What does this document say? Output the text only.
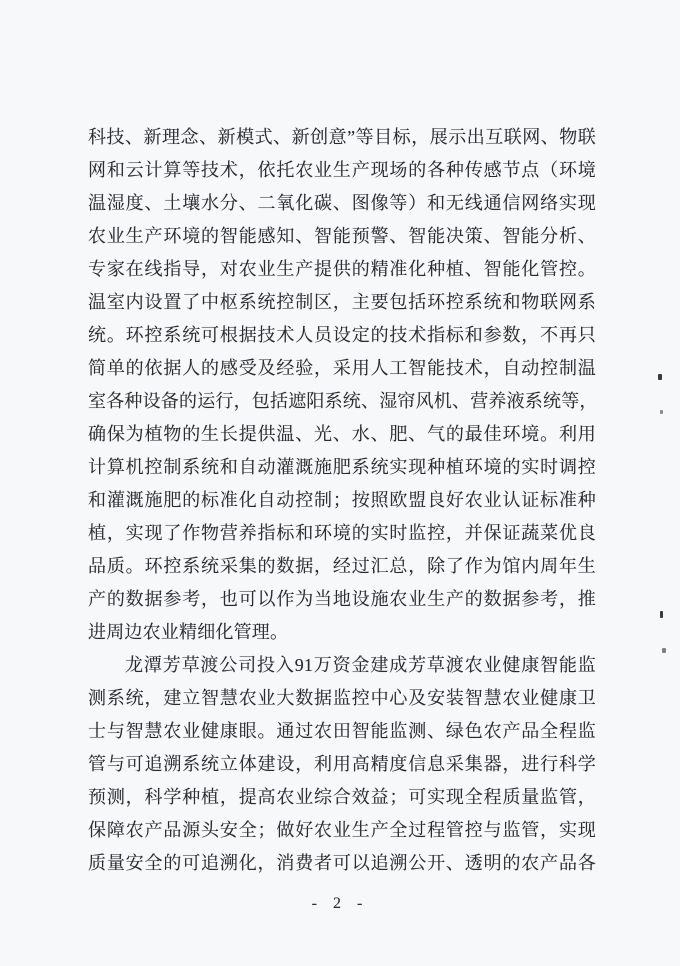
科技、新理念、新模式、新创意”等目标，展示出互联网、物联
网和云计算等技术，依托农业生产现场的各种传感节点（环境
温湿度、土壤水分、二氧化碳、图像等）和无线通信网络实现
农业生产环境的智能感知、智能预警、智能决策、智能分析、
专家在线指导，对农业生产提供的精准化种植、智能化管控。
温室内设置了中枢系统控制区，主要包括环控系统和物联网系
统。环控系统可根据技术人员设定的技术指标和参数，不再只
简单的依据人的感受及经验，采用人工智能技术，自动控制温
室各种设备的运行，包括遮阳系统、湿帘风机、营养液系统等，
确保为植物的生长提供温、光、水、肥、气的最佳环境。利用
计算机控制系统和自动灌溉施肥系统实现种植环境的实时调控
和灌溉施肥的标准化自动控制；按照欧盟良好农业认证标准种
植，实现了作物营养指标和环境的实时监控，并保证蔬菜优良
品质。环控系统采集的数据，经过汇总，除了作为馆内周年生
产的数据参考，也可以作为当地设施农业生产的数据参考，推
进周边农业精细化管理。
龙潭芳草渡公司投入91万资金建成芳草渡农业健康智能监
测系统，建立智慧农业大数据监控中心及安装智慧农业健康卫
士与智慧农业健康眼。通过农田智能监测、绿色农产品全程监
管与可追溯系统立体建设，利用高精度信息采集器，进行科学
预测，科学种植，提高农业综合效益；可实现全程质量监管，
保障农产品源头安全；做好农业生产全过程管控与监管，实现
质量安全的可追溯化，消费者可以追溯公开、透明的农产品各
- 2 -
